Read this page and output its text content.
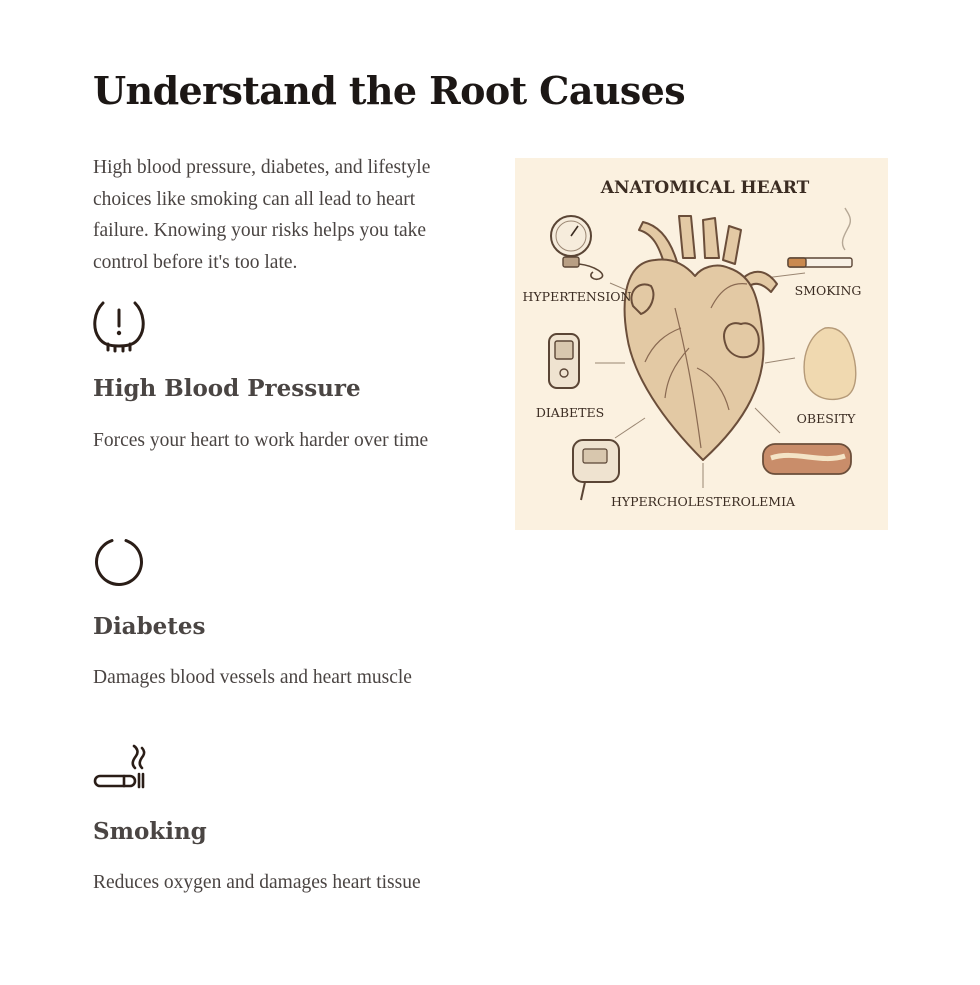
Understand the Root Causes

High blood pressure, diabetes, and lifestyle choices like smoking can all lead to heart failure. Knowing your risks helps you take control before it's too late.

High Blood Pressure

Forces your heart to work harder over time

Diabetes

Damages blood vessels and heart muscle

Smoking

Reduces oxygen and damages heart tissue

ANATOMICAL HEART
HYPERTENSION	SMOKING
DIABETES	OBESITY
HYPERCHOLESTEROLEMIA
